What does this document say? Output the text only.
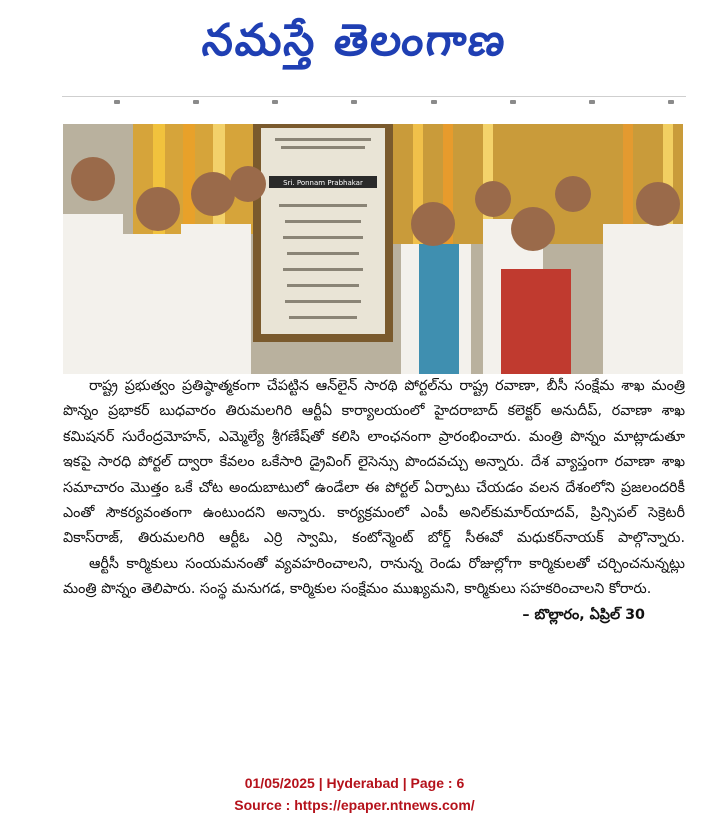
నమస్తే తెలంగాణ
Sri. Ponnam Prabhakar

రాష్ట్ర ప్రభుత్వం ప్రతిష్ఠాత్మకంగా చేపట్టిన ఆన్‌లైన్ సారథి పోర్టల్‌ను రాష్ట్ర రవాణా, బీసీ సంక్షేమ శాఖ మంత్రి పొన్నం ప్రభాకర్ బుధవారం తిరుమలగిరి ఆర్టీఏ కార్యాలయంలో హైదరాబాద్ కలెక్టర్ అనుదీప్, రవాణా శాఖ కమిషనర్ సురేంద్రమోహన్, ఎమ్మెల్యే శ్రీగణేష్‌తో కలిసి లాంఛనంగా ప్రారంభించారు. మంత్రి పొన్నం మాట్లాడుతూ ఇకపై సారధి పోర్టల్ ద్వారా కేవలం ఒకేసారి డ్రైవింగ్ లైసెన్సు పొందవచ్చు అన్నారు. దేశ వ్యాప్తంగా రవాణా శాఖ సమాచారం మొత్తం ఒకే చోట అందుబాటులో ఉండేలా ఈ పోర్టల్ ఏర్పాటు చేయడం వలన దేశంలోని ప్రజలందరికీ ఎంతో సౌకర్యవంతంగా ఉంటుందని అన్నారు. కార్యక్రమంలో ఎంపీ అనిల్‌కుమార్‌యాదవ్, ప్రిన్సిపల్ సెక్రెటరీ వికాస్‌రాజ్, తిరుమలగిరి ఆర్టీఓ ఎర్రి స్వామి, కంటోన్మెంట్ బోర్డ్ సీఈవో మధుకర్‌నాయక్ పాల్గొన్నారు.

ఆర్టీసీ కార్మికులు సంయమనంతో వ్యవహరించాలని, రానున్న రెండు రోజుల్లోగా కార్మికులతో చర్చించనున్నట్లు మంత్రి పొన్నం తెలిపారు. సంస్థ మనుగడ, కార్మికుల సంక్షేమం ముఖ్యమని, కార్మికులు సహకరించాలని కోరారు.
– బొల్లారం, ఏప్రిల్ 30

01/05/2025 | Hyderabad | Page : 6
Source : https://epaper.ntnews.com/
